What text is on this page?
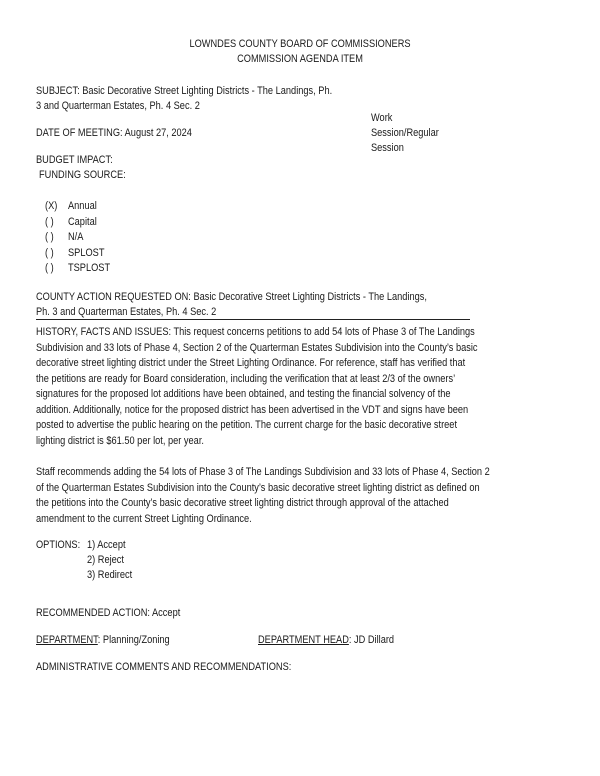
LOWNDES COUNTY BOARD OF COMMISSIONERS
COMMISSION AGENDA ITEM
SUBJECT: Basic Decorative Street Lighting Districts - The Landings, Ph.
3 and Quarterman Estates, Ph. 4 Sec. 2
DATE OF MEETING: August 27, 2024
Work
Session/Regular
Session
BUDGET IMPACT:
FUNDING SOURCE:
(X) Annual
( ) Capital
( ) N/A
( ) SPLOST
( ) TSPLOST
COUNTY ACTION REQUESTED ON: Basic Decorative Street Lighting Districts - The Landings,
Ph. 3 and Quarterman Estates, Ph. 4 Sec. 2
HISTORY, FACTS AND ISSUES: This request concerns petitions to add 54 lots of Phase 3 of The Landings
Subdivision and 33 lots of Phase 4, Section 2 of the Quarterman Estates Subdivision into the County’s basic
decorative street lighting district under the Street Lighting Ordinance. For reference, staff has verified that
the petitions are ready for Board consideration, including the verification that at least 2/3 of the owners’
signatures for the proposed lot additions have been obtained, and testing the financial solvency of the
addition. Additionally, notice for the proposed district has been advertised in the VDT and signs have been
posted to advertise the public hearing on the petition. The current charge for the basic decorative street
lighting district is $61.50 per lot, per year.
Staff recommends adding the 54 lots of Phase 3 of The Landings Subdivision and 33 lots of Phase 4, Section 2
of the Quarterman Estates Subdivision into the County’s basic decorative street lighting district as defined on
the petitions into the County’s basic decorative street lighting district through approval of the attached
amendment to the current Street Lighting Ordinance.
OPTIONS: 1) Accept
2) Reject
3) Redirect
RECOMMENDED ACTION: Accept
DEPARTMENT: Planning/Zoning	DEPARTMENT HEAD: JD Dillard
ADMINISTRATIVE COMMENTS AND RECOMMENDATIONS:
